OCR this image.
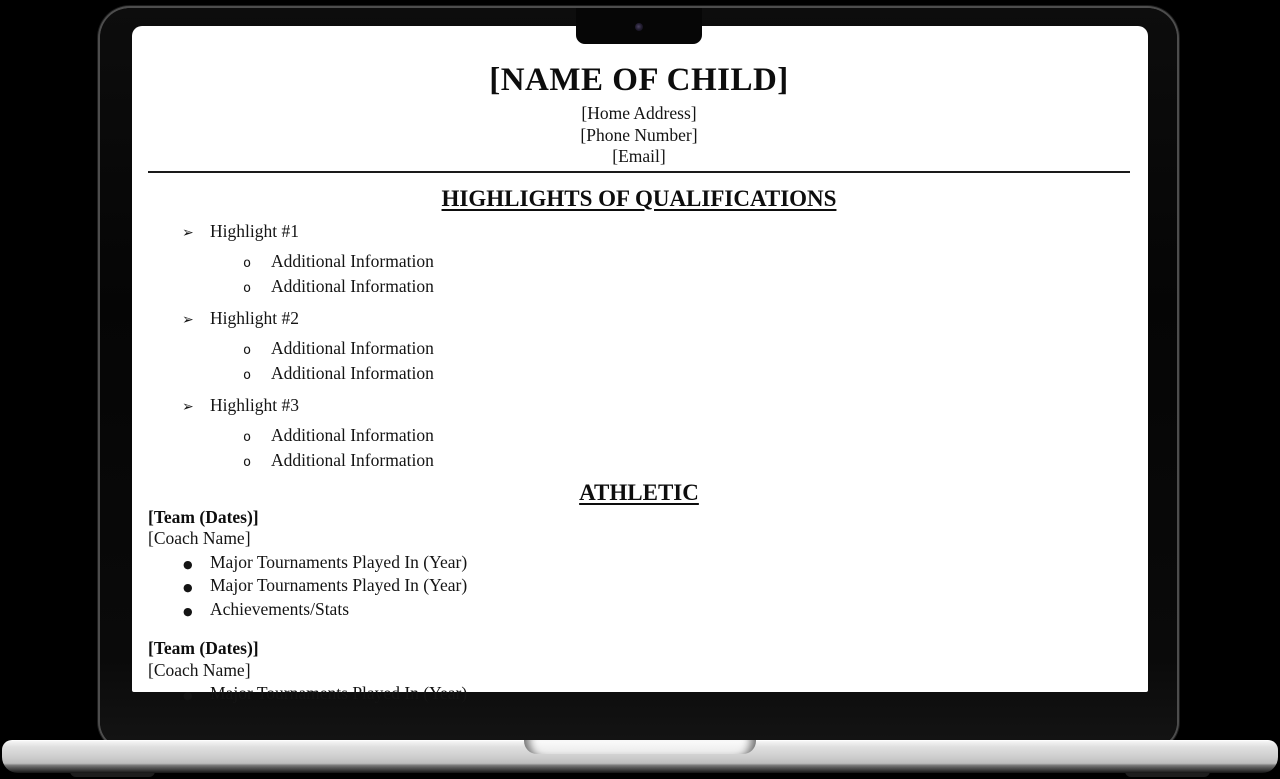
[NAME OF CHILD]
[Home Address]
[Phone Number]
[Email]
HIGHLIGHTS OF QUALIFICATIONS
➢ Highlight #1
o	Additional Information
o	Additional Information
➢ Highlight #2
o	Additional Information
o	Additional Information
➢ Highlight #3
o	Additional Information
o	Additional Information
ATHLETIC
[Team (Dates)]
[Coach Name]
● Major Tournaments Played In (Year)
● Major Tournaments Played In (Year)
● Achievements/Stats
[Team (Dates)]
[Coach Name]
● Major Tournaments Played In (Year)
